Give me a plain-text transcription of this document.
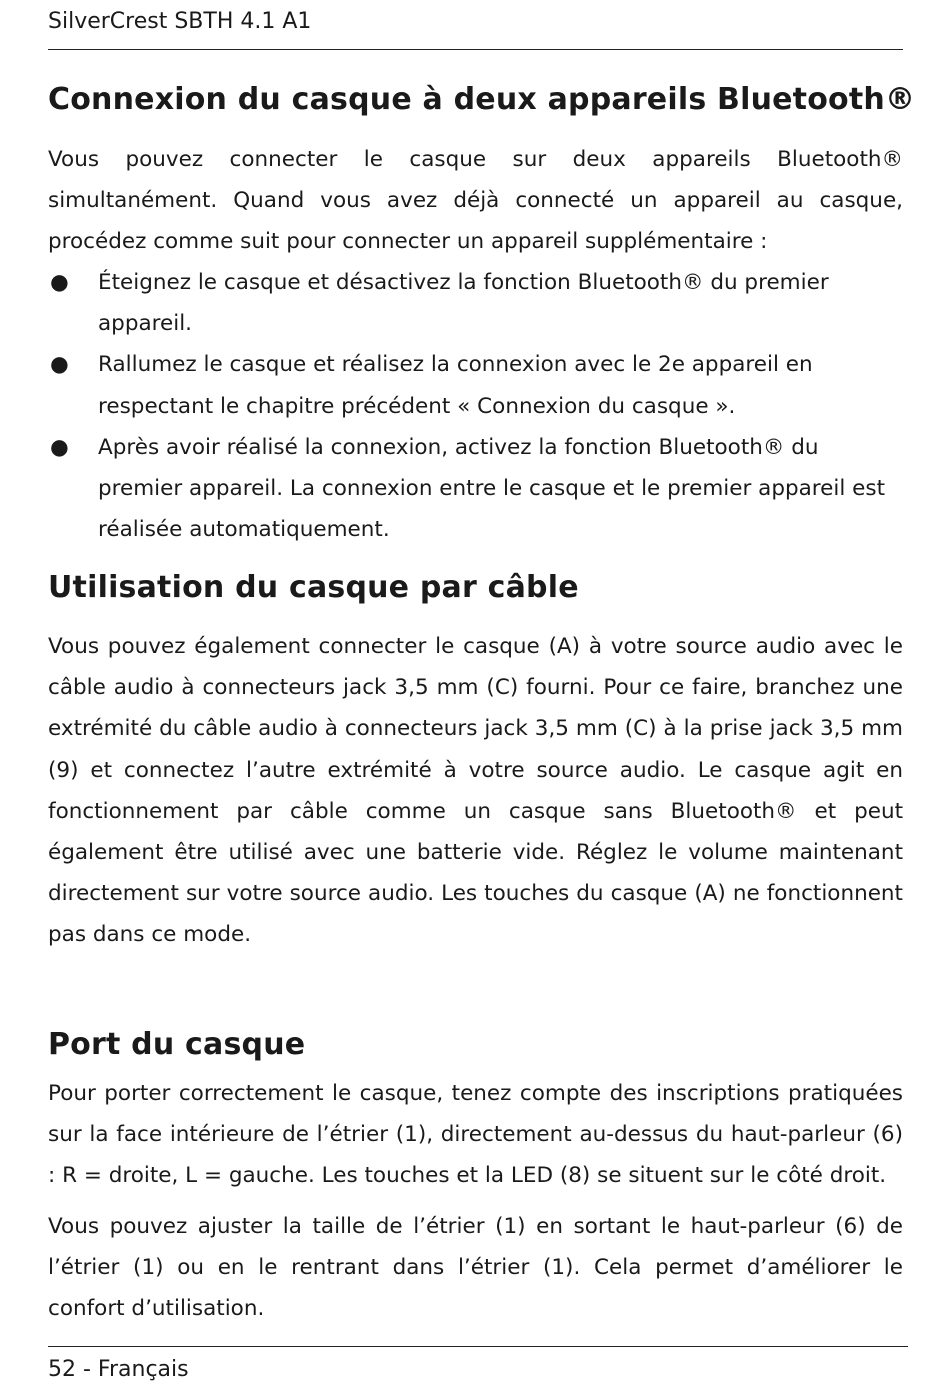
SilverCrest SBTH 4.1 A1
Connexion du casque à deux appareils Bluetooth®

Vous pouvez connecter le casque sur deux appareils Bluetooth® simultanément. Quand vous avez déjà connecté un appareil au casque, procédez comme suit pour connecter un appareil supplémentaire :

● Éteignez le casque et désactivez la fonction Bluetooth® du premier appareil.
● Rallumez le casque et réalisez la connexion avec le 2e appareil en respectant le chapitre précédent « Connexion du casque ».
● Après avoir réalisé la connexion, activez la fonction Bluetooth® du premier appareil. La connexion entre le casque et le premier appareil est réalisée automatiquement.
Utilisation du casque par câble

Vous pouvez également connecter le casque (A) à votre source audio avec le câble audio à connecteurs jack 3,5 mm (C) fourni. Pour ce faire, branchez une extrémité du câble audio à connecteurs jack 3,5 mm (C) à la prise jack 3,5 mm (9) et connectez l’autre extrémité à votre source audio. Le casque agit en fonctionnement par câble comme un casque sans Bluetooth® et peut également être utilisé avec une batterie vide. Réglez le volume maintenant directement sur votre source audio. Les touches du casque (A) ne fonctionnent pas dans ce mode.

Port du casque

Pour porter correctement le casque, tenez compte des inscriptions pratiquées sur la face intérieure de l’étrier (1), directement au-dessus du haut-parleur (6) : R = droite, L = gauche. Les touches et la LED (8) se situent sur le côté droit.

Vous pouvez ajuster la taille de l’étrier (1) en sortant le haut-parleur (6) de l’étrier (1) ou en le rentrant dans l’étrier (1). Cela permet d’améliorer le confort d’utilisation.

52 - Français
